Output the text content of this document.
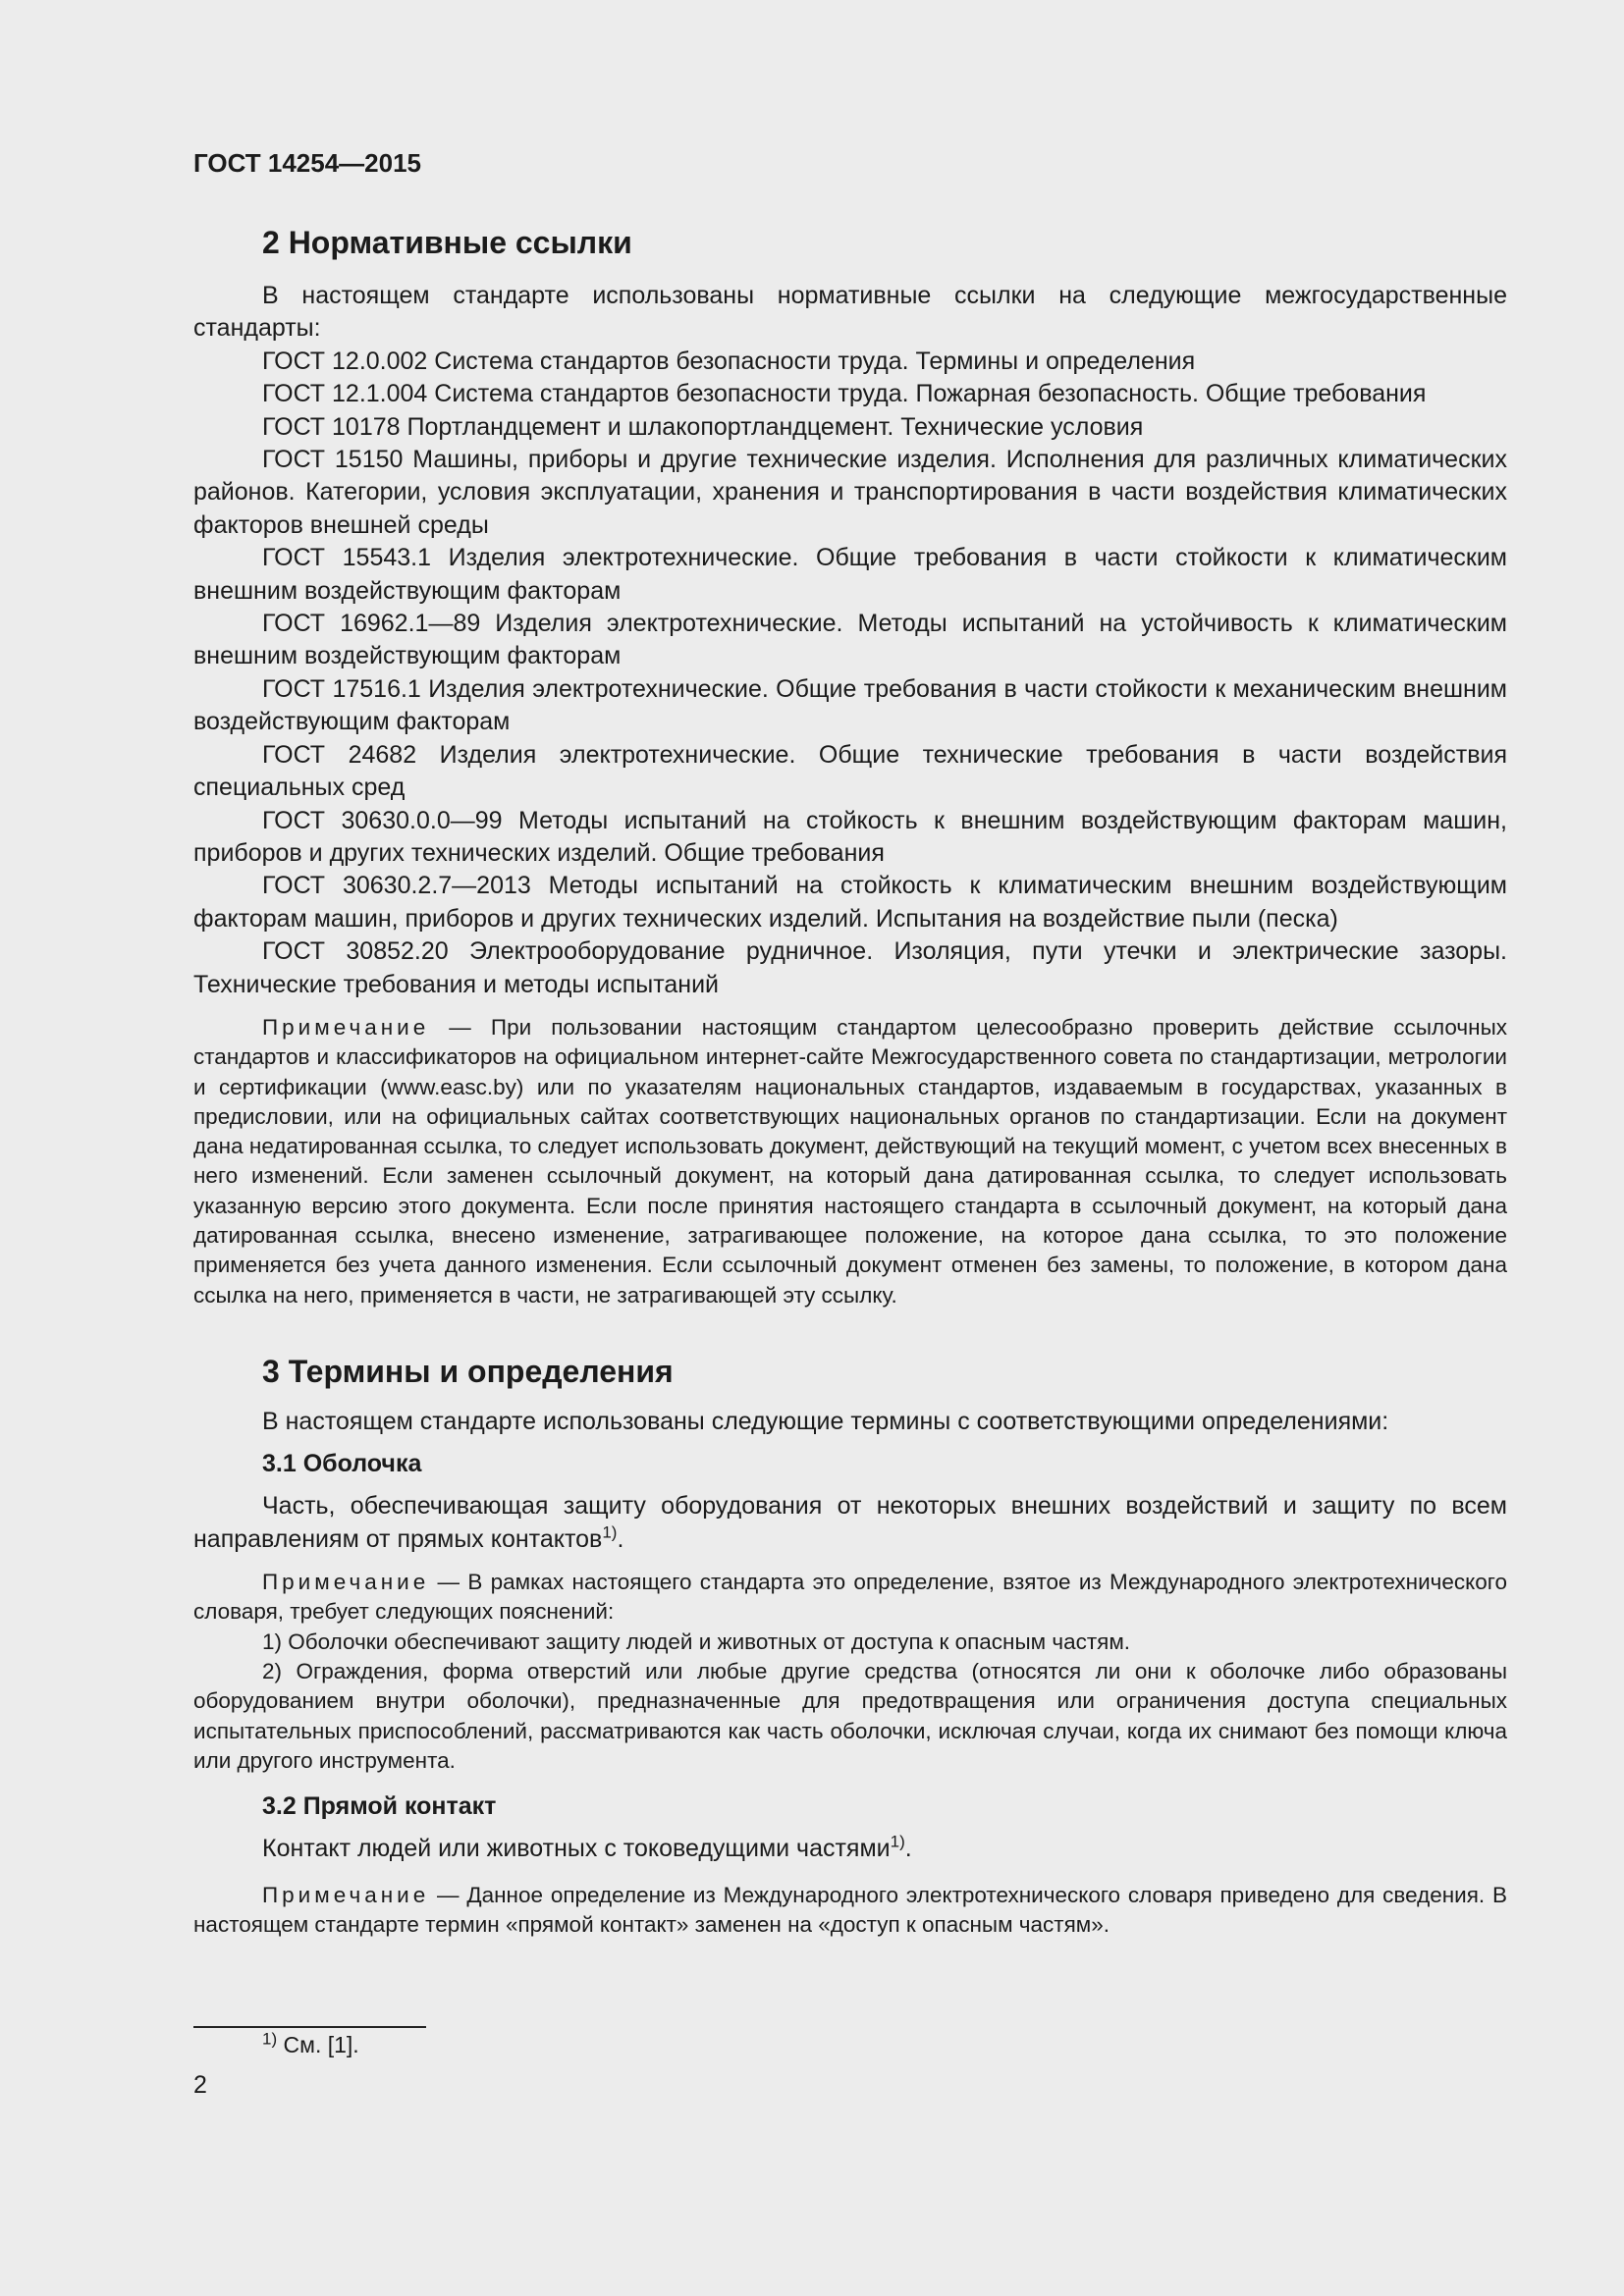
ГОСТ 14254—2015
2 Нормативные ссылки

В настоящем стандарте использованы нормативные ссылки на следующие межгосударственные стандарты:

ГОСТ 12.0.002 Система стандартов безопасности труда. Термины и определения

ГОСТ 12.1.004 Система стандартов безопасности труда. Пожарная безопасность. Общие требования

ГОСТ 10178 Портландцемент и шлакопортландцемент. Технические условия

ГОСТ 15150 Машины, приборы и другие технические изделия. Исполнения для различных климатических районов. Категории, условия эксплуатации, хранения и транспортирования в части воздействия климатических факторов внешней среды

ГОСТ 15543.1 Изделия электротехнические. Общие требования в части стойкости к климатическим внешним воздействующим факторам

ГОСТ 16962.1—89 Изделия электротехнические. Методы испытаний на устойчивость к климатическим внешним воздействующим факторам

ГОСТ 17516.1 Изделия электротехнические. Общие требования в части стойкости к механическим внешним воздействующим факторам

ГОСТ 24682 Изделия электротехнические. Общие технические требования в части воздействия специальных сред

ГОСТ 30630.0.0—99 Методы испытаний на стойкость к внешним воздействующим факторам машин, приборов и других технических изделий. Общие требования

ГОСТ 30630.2.7—2013 Методы испытаний на стойкость к климатическим внешним воздействующим факторам машин, приборов и других технических изделий. Испытания на воздействие пыли (песка)

ГОСТ 30852.20 Электрооборудование рудничное. Изоляция, пути утечки и электрические зазоры. Технические требования и методы испытаний

Примечание — При пользовании настоящим стандартом целесообразно проверить действие ссылочных стандартов и классификаторов на официальном интернет-сайте Межгосударственного совета по стандартизации, метрологии и сертификации (www.easc.by) или по указателям национальных стандартов, издаваемым в государствах, указанных в предисловии, или на официальных сайтах соответствующих национальных органов по стандартизации. Если на документ дана недатированная ссылка, то следует использовать документ, действующий на текущий момент, с учетом всех внесенных в него изменений. Если заменен ссылочный документ, на который дана датированная ссылка, то следует использовать указанную версию этого документа. Если после принятия настоящего стандарта в ссылочный документ, на который дана датированная ссылка, внесено изменение, затрагивающее положение, на которое дана ссылка, то это положение применяется без учета данного изменения. Если ссылочный документ отменен без замены, то положение, в котором дана ссылка на него, применяется в части, не затрагивающей эту ссылку.

3 Термины и определения

В настоящем стандарте использованы следующие термины с соответствующими определениями:

3.1 Оболочка

Часть, обеспечивающая защиту оборудования от некоторых внешних воздействий и защиту по всем направлениям от прямых контактов$^{1)}$.

Примечание — В рамках настоящего стандарта это определение, взятое из Международного электротехнического словаря, требует следующих пояснений:

1) Оболочки обеспечивают защиту людей и животных от доступа к опасным частям.

2) Ограждения, форма отверстий или любые другие средства (относятся ли они к оболочке либо образованы оборудованием внутри оболочки), предназначенные для предотвращения или ограничения доступа специальных испытательных приспособлений, рассматриваются как часть оболочки, исключая случаи, когда их снимают без помощи ключа или другого инструмента.

3.2 Прямой контакт

Контакт людей или животных с токоведущими частями$^{1)}$.

Примечание — Данное определение из Международного электротехнического словаря приведено для сведения. В настоящем стандарте термин «прямой контакт» заменен на «доступ к опасным частям».

$^{1)}$ См. [1].
2
